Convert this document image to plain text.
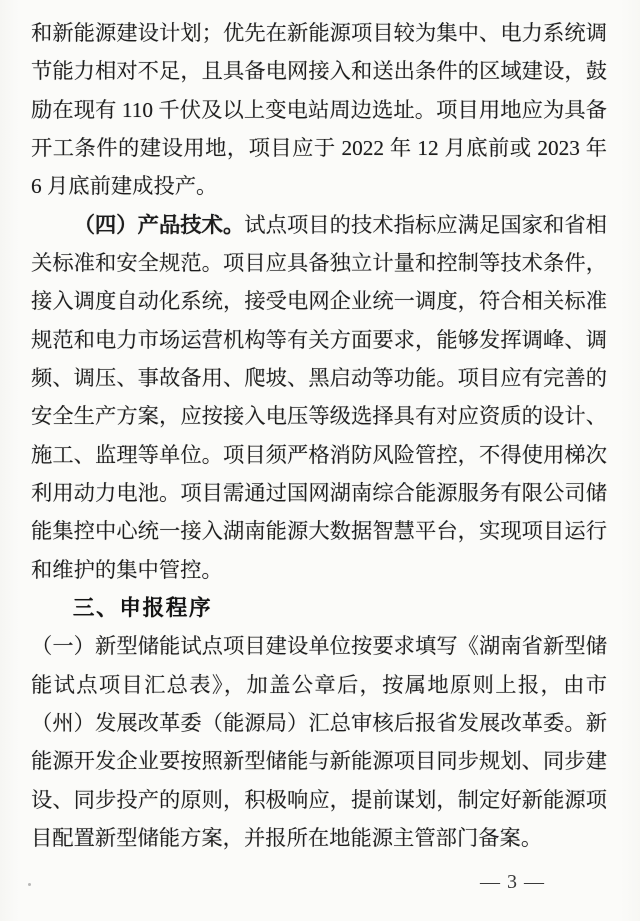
和新能源建设计划；优先在新能源项目较为集中、电力系统调节能力相对不足，且具备电网接入和送出条件的区域建设，鼓励在现有 110 千伏及以上变电站周边选址。项目用地应为具备开工条件的建设用地，项目应于 2022 年 12 月底前或 2023 年 6 月底前建成投产。

（四）产品技术。试点项目的技术指标应满足国家和省相关标准和安全规范。项目应具备独立计量和控制等技术条件，接入调度自动化系统，接受电网企业统一调度，符合相关标准规范和电力市场运营机构等有关方面要求，能够发挥调峰、调频、调压、事故备用、爬坡、黑启动等功能。项目应有完善的安全生产方案，应按接入电压等级选择具有对应资质的设计、施工、监理等单位。项目须严格消防风险管控，不得使用梯次利用动力电池。项目需通过国网湖南综合能源服务有限公司储能集控中心统一接入湖南能源大数据智慧平台，实现项目运行和维护的集中管控。

三、申报程序

（一）新型储能试点项目建设单位按要求填写《湖南省新型储能试点项目汇总表》，加盖公章后，按属地原则上报，由市（州）发展改革委（能源局）汇总审核后报省发展改革委。新能源开发企业要按照新型储能与新能源项目同步规划、同步建设、同步投产的原则，积极响应，提前谋划，制定好新能源项目配置新型储能方案，并报所在地能源主管部门备案。

— 3 —
